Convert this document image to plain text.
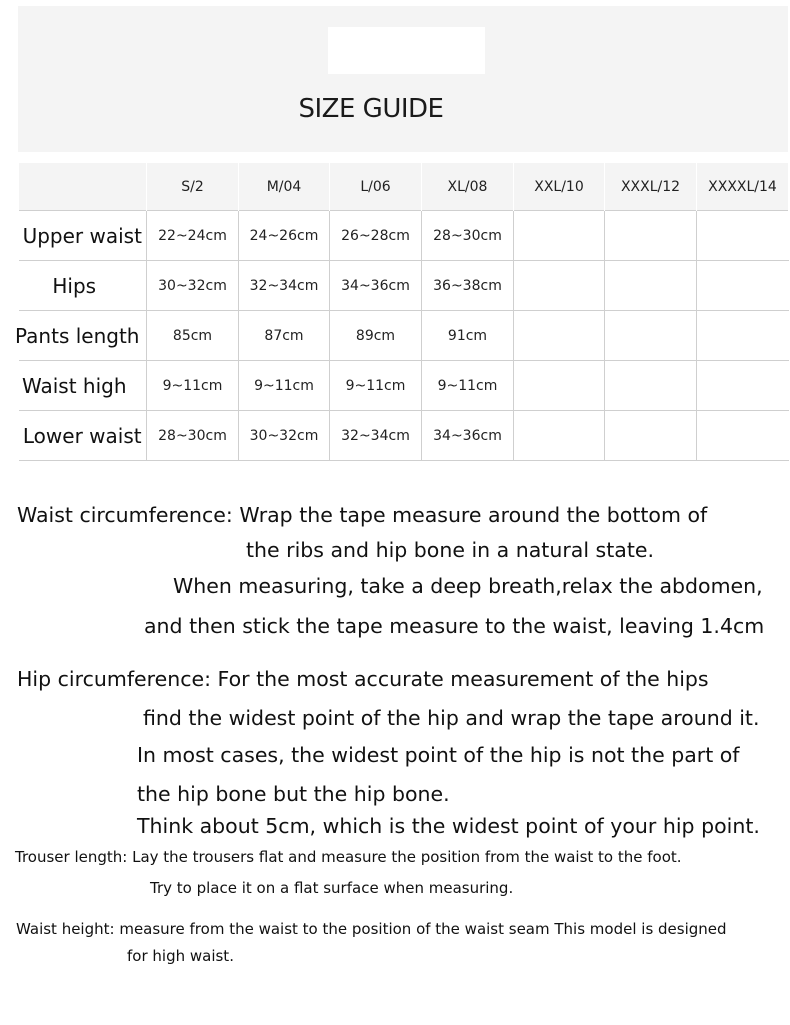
SIZE GUIDE
	S/2	M/04	L/06	XL/08	XXL/10	XXXL/12	XXXXL/14
Upper waist	22~24cm	24~26cm	26~28cm	28~30cm			
Hips	30~32cm	32~34cm	34~36cm	36~38cm			
Pants length	85cm	87cm	89cm	91cm			
Waist high	9~11cm	9~11cm	9~11cm	9~11cm			
Lower waist	28~30cm	30~32cm	32~34cm	34~36cm			

Waist circumference: Wrap the tape measure around the bottom of

the ribs and hip bone in a natural state.

When measuring, take a deep breath,relax the abdomen,

and then stick the tape measure to the waist, leaving 1.4cm

Hip circumference: For the most accurate measurement of the hips

find the widest point of the hip and wrap the tape around it.

In most cases, the widest point of the hip is not the part of

the hip bone but the hip bone.

Think about 5cm, which is the widest point of your hip point.

Trouser length: Lay the trousers flat and measure the position from the waist to the foot.

Try to place it on a flat surface when measuring.

Waist height: measure from the waist to the position of the waist seam This model is designed

for high waist.
